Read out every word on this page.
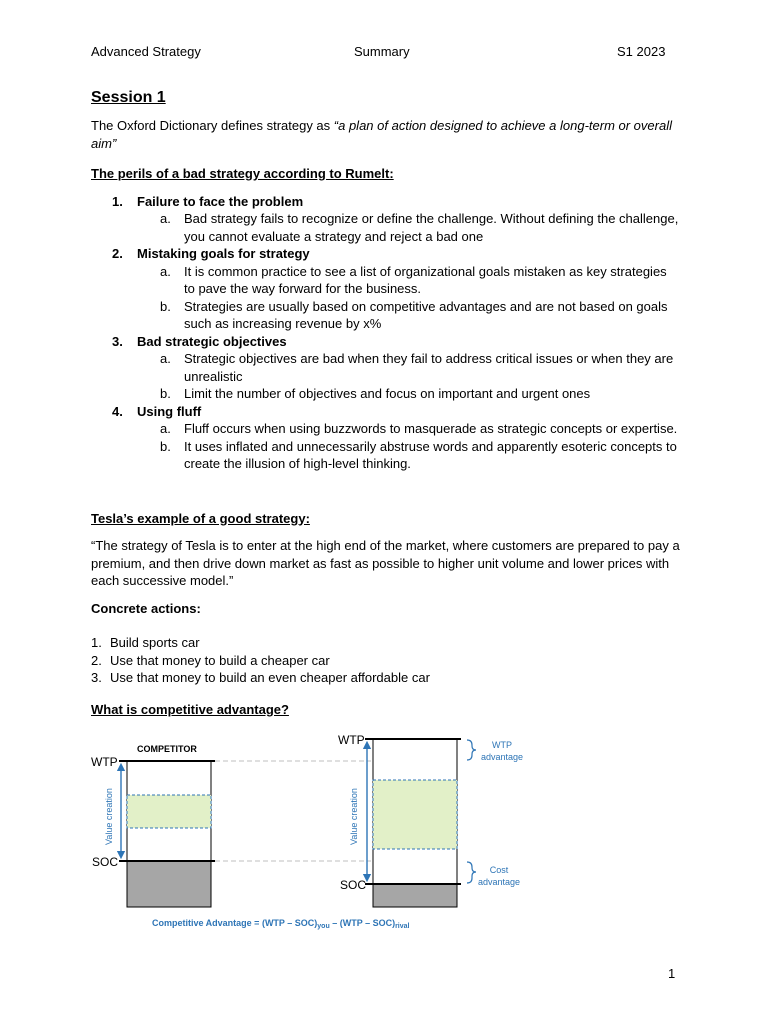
Advanced Strategy	Summary	S1 2023
Session 1

The Oxford Dictionary defines strategy as “a plan of action designed to achieve a long-term or overall aim”

The perils of a bad strategy according to Rumelt:

1. Failure to face the problem
a. Bad strategy fails to recognize or define the challenge. Without defining the challenge, you cannot evaluate a strategy and reject a bad one
2. Mistaking goals for strategy
a. It is common practice to see a list of organizational goals mistaken as key strategies to pave the way forward for the business.
b. Strategies are usually based on competitive advantages and are not based on goals such as increasing revenue by x%
3. Bad strategic objectives
a. Strategic objectives are bad when they fail to address critical issues or when they are unrealistic
b. Limit the number of objectives and focus on important and urgent ones
4. Using fluff
a. Fluff occurs when using buzzwords to masquerade as strategic concepts or expertise.
b. It uses inflated and unnecessarily abstruse words and apparently esoteric concepts to create the illusion of high-level thinking.

Tesla’s example of a good strategy:

“The strategy of Tesla is to enter at the high end of the market, where customers are prepared to pay a premium, and then drive down market as fast as possible to higher unit volume and lower prices with each successive model.”

Concrete actions:

1. Build sports car
2. Use that money to build a cheaper car
3. Use that money to build an even cheaper affordable car

What is competitive advantage?

COMPETITOR
WTP
SOC
Value creation
WTP
SOC
Value creation
WTP
advantage
Cost
advantage
Competitive Advantage = $(WTP - SOC)_{you} - (WTP - SOC)_{rival}$
1
